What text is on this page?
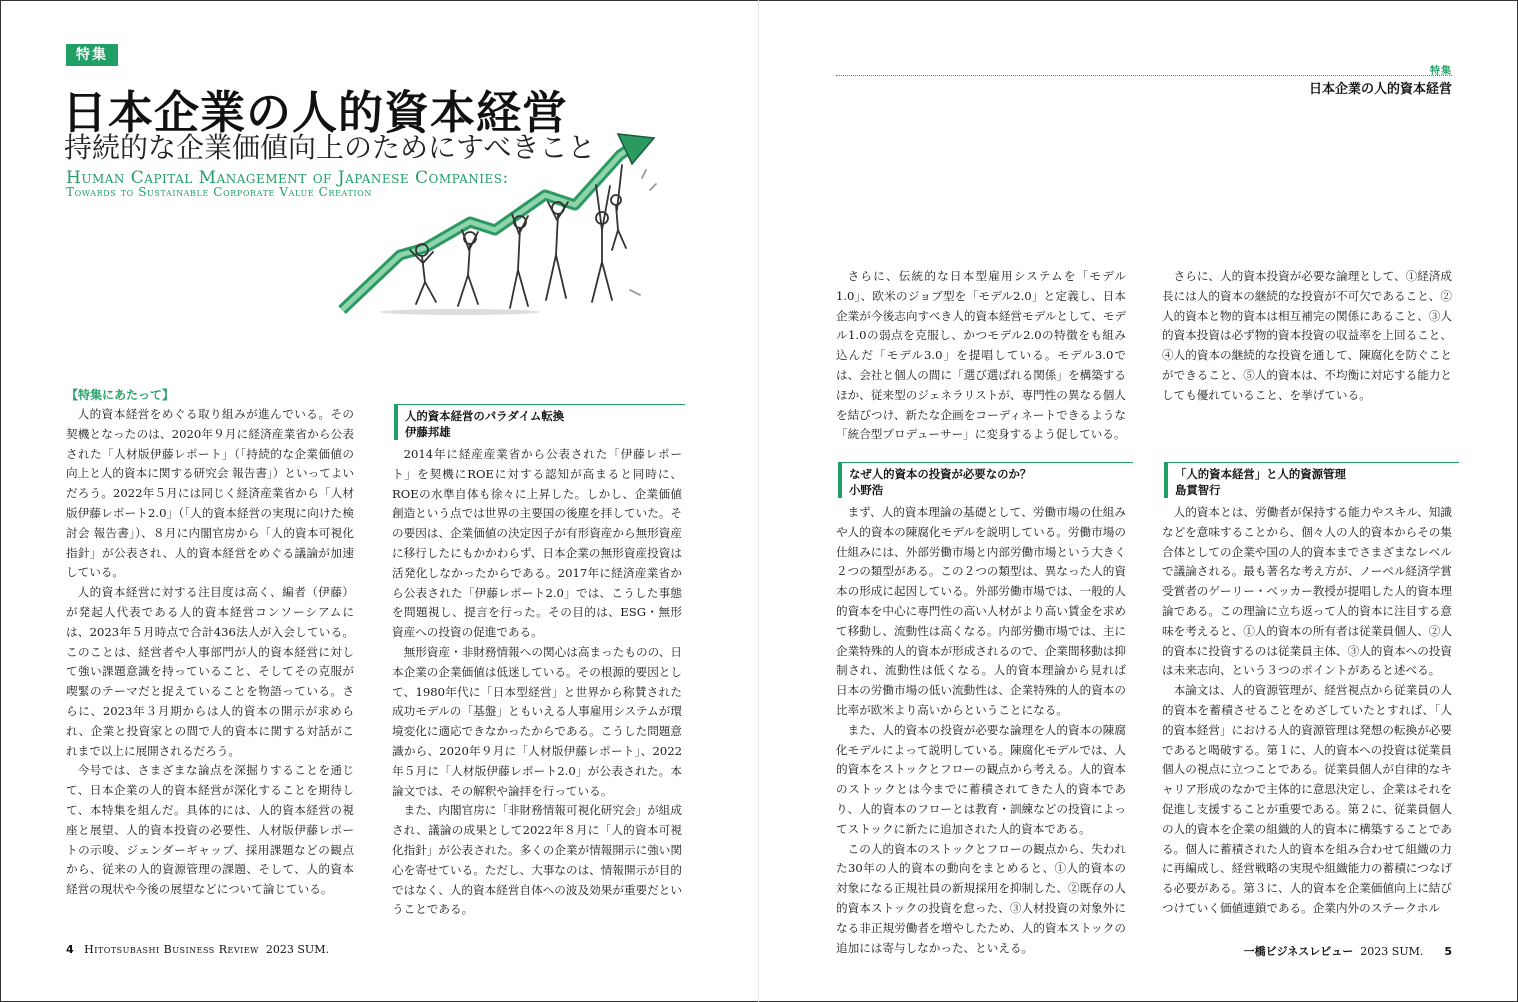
特集
日本企業の人的資本経営
持続的な企業価値向上のためにすべきこと
Human Capital Management of Japanese Companies:
Towards to Sustainable Corporate Value Creation
【特集にあたって】

人的資本経営をめぐる取り組みが進んでいる。その契機となったのは、2020年９月に経済産業省から公表された「人材版伊藤レポート」（「持続的な企業価値の向上と人的資本に関する研究会 報告書」）といってよいだろう。2022年５月には同じく経済産業省から「人材版伊藤レポート2.0」（「人的資本経営の実現に向けた検討会 報告書」）、８月に内閣官房から「人的資本可視化指針」が公表され、人的資本経営をめぐる議論が加速している。

人的資本経営に対する注目度は高く、編者（伊藤）が発起人代表である人的資本経営コンソーシアムには、2023年５月時点で合計436法人が入会している。このことは、経営者や人事部門が人的資本経営に対して強い課題意識を持っていること、そしてその克服が喫緊のテーマだと捉えていることを物語っている。さらに、2023年３月期からは人的資本の開示が求められ、企業と投資家との間で人的資本に関する対話がこれまで以上に展開されるだろう。

今号では、さまざまな論点を深掘りすることを通じて、日本企業の人的資本経営が深化することを期待して、本特集を組んだ。具体的には、人的資本経営の視座と展望、人的資本投資の必要性、人材版伊藤レポートの示唆、ジェンダーギャップ、採用課題などの観点から、従来の人的資源管理の課題、そして、人的資本経営の現状や今後の展望などについて論じている。

人的資本経営のパラダイム転換
伊藤邦雄

2014年に経産産業省から公表された「伊藤レポート」を契機にROEに対する認知が高まると同時に、ROEの水準自体も徐々に上昇した。しかし、企業価値創造という点では世界の主要国の後塵を拝していた。その要因は、企業価値の決定因子が有形資産から無形資産に移行したにもかかわらず、日本企業の無形資産投資は活発化しなかったからである。2017年に経済産業省から公表された「伊藤レポート2.0」では、こうした事態を問題視し、提言を行った。その目的は、ESG・無形資産への投資の促進である。

無形資産・非財務情報への関心は高まったものの、日本企業の企業価値は低迷している。その根源的要因として、1980年代に「日本型経営」と世界から称賛された成功モデルの「基盤」ともいえる人事雇用システムが環境変化に適応できなかったからである。こうした問題意識から、2020年９月に「人材版伊藤レポート」、2022年５月に「人材版伊藤レポート2.0」が公表された。本論文では、その解釈や論拝を行っている。

また、内閣官房に「非財務情報可視化研究会」が組成され、議論の成果として2022年８月に「人的資本可視化指針」が公表された。多くの企業が情報開示に強い関心を寄せている。ただし、大事なのは、情報開示が目的ではなく、人的資本経営自体への波及効果が重要だということである。

特集
日本企業の人的資本経営

さらに、伝統的な日本型雇用システムを「モデル1.0」、欧米のジョブ型を「モデル2.0」と定義し、日本企業が今後志向すべき人的資本経営モデルとして、モデル1.0の弱点を克服し、かつモデル2.0の特徴をも組み込んだ「モデル3.0」を提唱している。モデル3.0では、会社と個人の間に「選び選ばれる関係」を構築するほか、従来型のジェネラリストが、専門性の異なる個人を結びつけ、新たな企画をコーディネートできるような「統合型プロデューサー」に変身するよう促している。

なぜ人的資本の投資が必要なのか？
小野浩

まず、人的資本理論の基礎として、労働市場の仕組みや人的資本の陳腐化モデルを説明している。労働市場の仕組みには、外部労働市場と内部労働市場という大きく２つの類型がある。この２つの類型は、異なった人的資本の形成に起因している。外部労働市場では、一般的人的資本を中心に専門性の高い人材がより高い賃金を求めて移動し、流動性は高くなる。内部労働市場では、主に企業特殊的人的資本が形成されるので、企業間移動は抑制され、流動性は低くなる。人的資本理論から見れば日本の労働市場の低い流動性は、企業特殊的人的資本の比率が欧米より高いからということになる。

また、人的資本の投資が必要な論理を人的資本の陳腐化モデルによって説明している。陳腐化モデルでは、人的資本をストックとフローの観点から考える。人的資本のストックとは今までに蓄積されてきた人的資本であり、人的資本のフローとは教育・訓練などの投資によってストックに新たに追加された人的資本である。

この人的資本のストックとフローの観点から、失われた30年の人的資本の動向をまとめると、①人的資本の対象になる正規社員の新規採用を抑制した、②既存の人的資本ストックの投資を怠った、③人材投資の対象外になる非正規労働者を増やしたため、人的資本ストックの追加には寄与しなかった、といえる。

さらに、人的資本投資が必要な論理として、①経済成長には人的資本の継続的な投資が不可欠であること、②人的資本と物的資本は相互補完の関係にあること、③人的資本投資は必ず物的資本投資の収益率を上回ること、④人的資本の継続的な投資を通して、陳腐化を防ぐことができること、⑤人的資本は、不均衡に対応する能力としても優れていること、を挙げている。

「人的資本経営」と人的資源管理
島貫智行

人的資本とは、労働者が保持する能力やスキル、知識などを意味することから、個々人の人的資本からその集合体としての企業や国の人的資本までさまざまなレベルで議論される。最も著名な考え方が、ノーベル経済学賞受賞者のゲーリー・ベッカー教授が提唱した人的資本理論である。この理論に立ち返って人的資本に注目する意味を考えると、①人的資本の所有者は従業員個人、②人的資本に投資するのは従業員主体、③人的資本への投資は未来志向、という３つのポイントがあると述べる。

本論文は、人的資源管理が、経営視点から従業員の人的資本を蓄積させることをめざしていたとすれば、「人的資本経営」における人的資源管理は発想の転換が必要であると喝破する。第１に、人的資本への投資は従業員個人の視点に立つことである。従業員個人が自律的なキャリア形成のなかで主体的に意思決定し、企業はそれを促進し支援することが重要である。第２に、従業員個人の人的資本を企業の組織的人的資本に構築することである。個人に蓄積された人的資本を組み合わせて組織の力に再編成し、経営戦略の実現や組織能力の蓄積につなげる必要がある。第３に、人的資本を企業価値向上に結びつけていく価値連鎖である。企業内外のステークホル

4 Hitotsubashi Business Review 2023 SUM.	一橋ビジネスレビュー 2023 SUM. 5
